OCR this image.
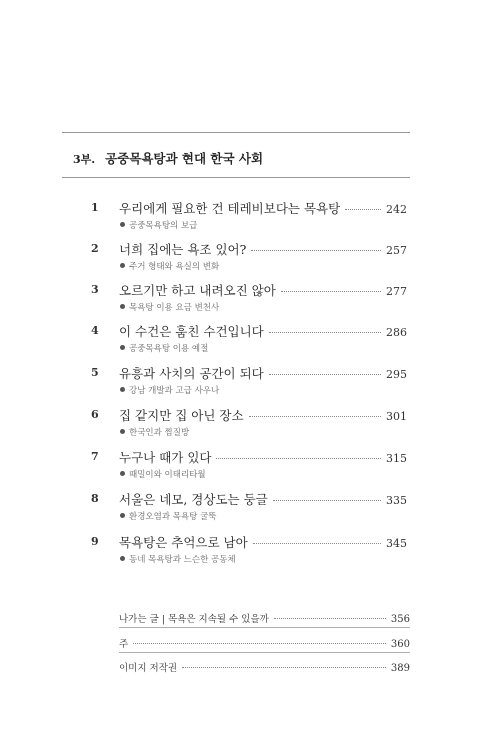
3부. 공중목욕탕과 현대 한국 사회
1 우리에게 필요한 건 테레비보다는 목욕탕	242
공중목욕탕의 보급
2 너희 집에는 욕조 있어?	257
주거 형태와 욕실의 변화
3 오르기만 하고 내려오진 않아	277
목욕탕 이용 요금 변천사
4 이 수건은 훔친 수건입니다	286
공중목욕탕 이용 예절
5 유흥과 사치의 공간이 되다	295
강남 개발과 고급 사우나
6 집 같지만 집 아닌 장소	301
한국인과 찜질방
7 누구나 때가 있다	315
때밀이와 이태리타월
8 서울은 네모, 경상도는 둥글	335
환경오염과 목욕탕 굴뚝
9 목욕탕은 추억으로 남아	345
동네 목욕탕과 느슨한 공동체
나가는 글 | 목욕은 지속될 수 있을까	356
주	360
이미지 저작권	389
